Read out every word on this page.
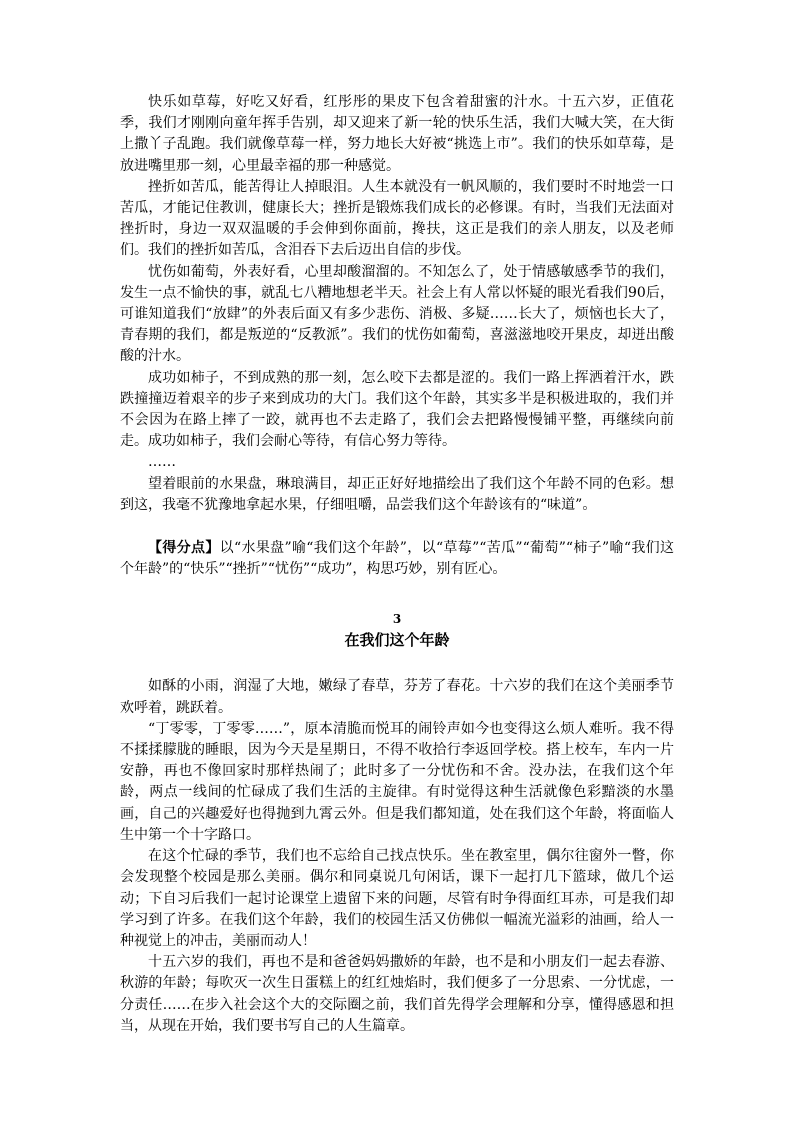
快乐如草莓，好吃又好看，红彤彤的果皮下包含着甜蜜的汁水。十五六岁，正值花季，我们才刚刚向童年挥手告别，却又迎来了新一轮的快乐生活，我们大喊大笑，在大街上撒丫子乱跑。我们就像草莓一样，努力地长大好被“挑选上市”。我们的快乐如草莓，是放进嘴里那一刻，心里最幸福的那一种感觉。

挫折如苦瓜，能苦得让人掉眼泪。人生本就没有一帆风顺的，我们要时不时地尝一口苦瓜，才能记住教训，健康长大；挫折是锻炼我们成长的必修课。有时，当我们无法面对挫折时，身边一双双温暖的手会伸到你面前，搀扶，这正是我们的亲人朋友，以及老师们。我们的挫折如苦瓜，含泪吞下去后迈出自信的步伐。

忧伤如葡萄，外表好看，心里却酸溜溜的。不知怎么了，处于情感敏感季节的我们，发生一点不愉快的事，就乱七八糟地想老半天。社会上有人常以怀疑的眼光看我们90后，可谁知道我们“放肆”的外表后面又有多少悲伤、消极、多疑……长大了，烦恼也长大了，青春期的我们，都是叛逆的“反教派”。我们的忧伤如葡萄，喜滋滋地咬开果皮，却迸出酸酸的汁水。

成功如柿子，不到成熟的那一刻，怎么咬下去都是涩的。我们一路上挥洒着汗水，跌跌撞撞迈着艰辛的步子来到成功的大门。我们这个年龄，其实多半是积极进取的，我们并不会因为在路上摔了一跤，就再也不去走路了，我们会去把路慢慢铺平整，再继续向前走。成功如柿子，我们会耐心等待，有信心努力等待。

……

望着眼前的水果盘，琳琅满目，却正正好好地描绘出了我们这个年龄不同的色彩。想到这，我毫不犹豫地拿起水果，仔细咀嚼，品尝我们这个年龄该有的“味道”。

【得分点】以“水果盘”喻“我们这个年龄”，以“草莓”“苦瓜”“葡萄”“柿子”喻“我们这个年龄”的“快乐”“挫折”“忧伤”“成功”，构思巧妙，别有匠心。

3
在我们这个年龄

如酥的小雨，润湿了大地，嫩绿了春草，芬芳了春花。十六岁的我们在这个美丽季节欢呼着，跳跃着。

“丁零零，丁零零……”，原本清脆而悦耳的闹铃声如今也变得这么烦人难听。我不得不揉揉朦胧的睡眼，因为今天是星期日，不得不收拾行李返回学校。搭上校车，车内一片安静，再也不像回家时那样热闹了；此时多了一分忧伤和不舍。没办法，在我们这个年龄，两点一线间的忙碌成了我们生活的主旋律。有时觉得这种生活就像色彩黯淡的水墨画，自己的兴趣爱好也得抛到九霄云外。但是我们都知道，处在我们这个年龄，将面临人生中第一个十字路口。

在这个忙碌的季节，我们也不忘给自己找点快乐。坐在教室里，偶尔往窗外一瞥，你会发现整个校园是那么美丽。偶尔和同桌说几句闲话，课下一起打几下篮球，做几个运动；下自习后我们一起讨论课堂上遗留下来的问题，尽管有时争得面红耳赤，可是我们却学习到了许多。在我们这个年龄，我们的校园生活又仿佛似一幅流光溢彩的油画，给人一种视觉上的冲击，美丽而动人！

十五六岁的我们，再也不是和爸爸妈妈撒娇的年龄，也不是和小朋友们一起去春游、秋游的年龄；每吹灭一次生日蛋糕上的红红烛焰时，我们便多了一分思索、一分忧虑，一分责任……在步入社会这个大的交际圈之前，我们首先得学会理解和分享，懂得感恩和担当，从现在开始，我们要书写自己的人生篇章。
